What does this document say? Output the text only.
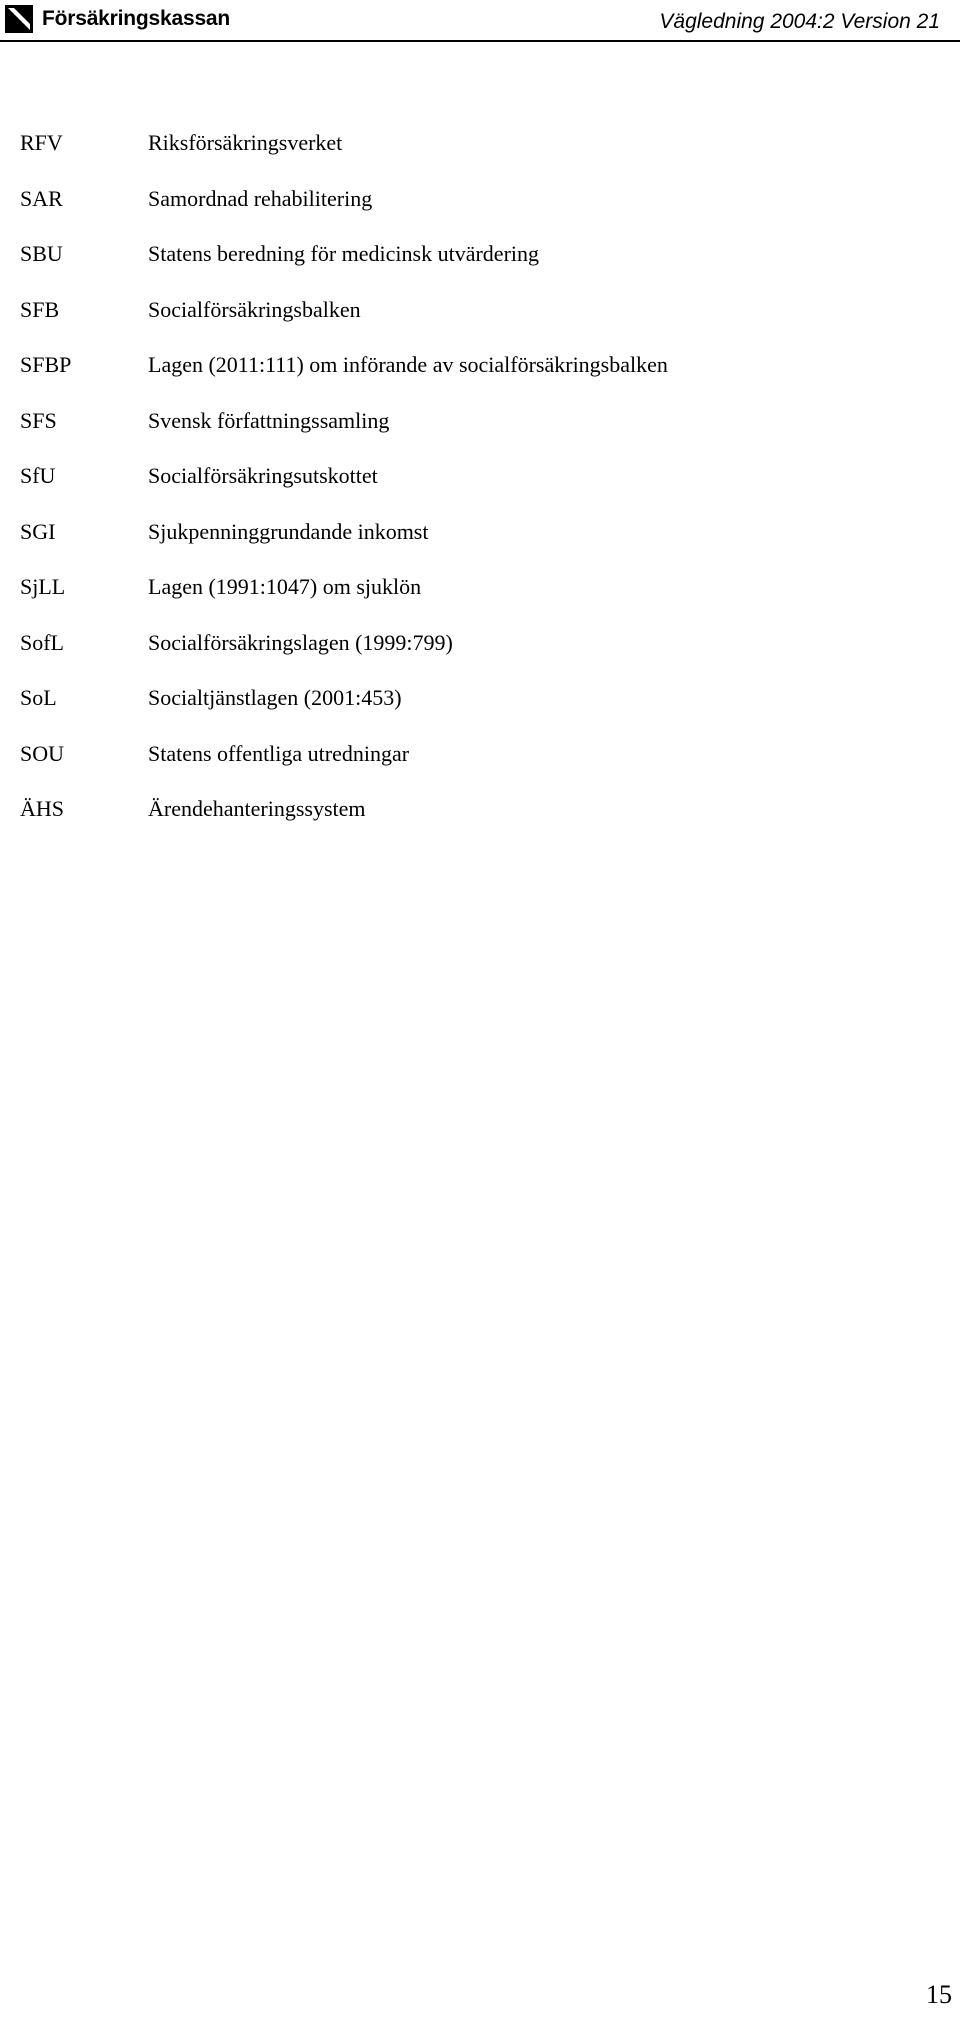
Försäkringskassan	Vägledning 2004:2 Version 21
RFV	Riksförsäkringsverket
SAR	Samordnad rehabilitering
SBU	Statens beredning för medicinsk utvärdering
SFB	Socialförsäkringsbalken
SFBP	Lagen (2011:111) om införande av socialförsäkringsbalken
SFS	Svensk författningssamling
SfU	Socialförsäkringsutskottet
SGI	Sjukpenninggrundande inkomst
SjLL	Lagen (1991:1047) om sjuklön
SofL	Socialförsäkringslagen (1999:799)
SoL	Socialtjänstlagen (2001:453)
SOU	Statens offentliga utredningar
ÄHS	Ärendehanteringssystem
15
